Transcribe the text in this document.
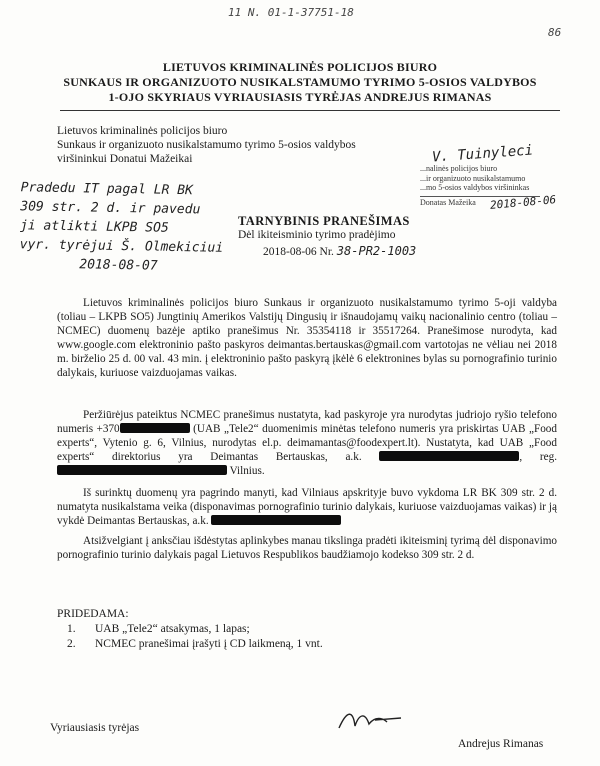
11 N. 01-1-37751-18
86
LIETUVOS KRIMINALINĖS POLICIJOS BIURO
SUNKAUS IR ORGANIZUOTO NUSIKALSTAMUMO TYRIMO 5-OSIOS VALDYBOS
1-OJO SKYRIAUS VYRIAUSIASIS TYRĖJAS ANDREJUS RIMANAS
Lietuvos kriminalinės policijos biuro
Sunkaus ir organizuoto nusikalstamumo tyrimo 5-osios valdybos
viršininkui Donatui Mažeikai	V. Tuinyleci
...nalinės policijos biuro
...ir organizuoto nusikalstamumo
...mo 5-osios valdybos viršininkas
Donatas Mažeika	2018-08-06
Pradedu IT pagal LR BK
309 str. 2 d. ir pavedu
ji atlikti LKPB SO5
vyr. tyrėjui Š. Olmekiciui
2018-08-07
TARNYBINIS PRANEŠIMAS
Dėl ikiteisminio tyrimo pradėjimo
2018-08-06 Nr. 38-PR2-1003
Lietuvos kriminalinės policijos biuro Sunkaus ir organizuoto nusikalstamumo tyrimo 5-oji valdyba (toliau – LKPB SO5) Jungtinių Amerikos Valstijų Dingusių ir išnaudojamų vaikų nacionalinio centro (toliau – NCMEC) duomenų bazėje aptiko pranešimus Nr. 35354118 ir 35517264. Pranešimose nurodyta, kad www.google.com elektroninio pašto paskyros deimantas.bertauskas@gmail.com vartotojas ne vėliau nei 2018 m. birželio 25 d. 00 val. 43 min. į elektroninio pašto paskyrą įkėlė 6 elektronines bylas su pornografinio turinio dalykais, kuriuose vaizduojamas vaikas.
Peržiūrėjus pateiktus NCMEC pranešimus nustatyta, kad paskyroje yra nurodytas judriojo ryšio telefono numeris +370	(UAB „Tele2“ duomenimis minėtas telefono numeris yra priskirtas UAB „Food experts“, Vytenio g. 6, Vilnius, nurodytas el.p. deimamantas@foodexpert.lt). Nustatyta, kad UAB „Food experts“ direktorius yra Deimantas Bertauskas, a.k.	, reg.  Vilnius.
Iš surinktų duomenų yra pagrindo manyti, kad Vilniaus apskrityje buvo vykdoma LR BK 309 str. 2 d. numatyta nusikalstama veika (disponavimas pornografinio turinio dalykais, kuriuose vaizduojamas vaikas) ir ją vykdė Deimantas Bertauskas, a.k.
Atsižvelgiant į anksčiau išdėstytas aplinkybes manau tikslinga pradėti ikiteisminį tyrimą dėl disponavimo pornografinio turinio dalykais pagal Lietuvos Respublikos baudžiamojo kodekso 309 str. 2 d.
PRIDEDAMA:
1. UAB „Tele2“ atsakymas, 1 lapas;
2. NCMEC pranešimai įrašyti į CD laikmeną, 1 vnt.
Vyriausiasis tyrėjas
Andrejus Rimanas
